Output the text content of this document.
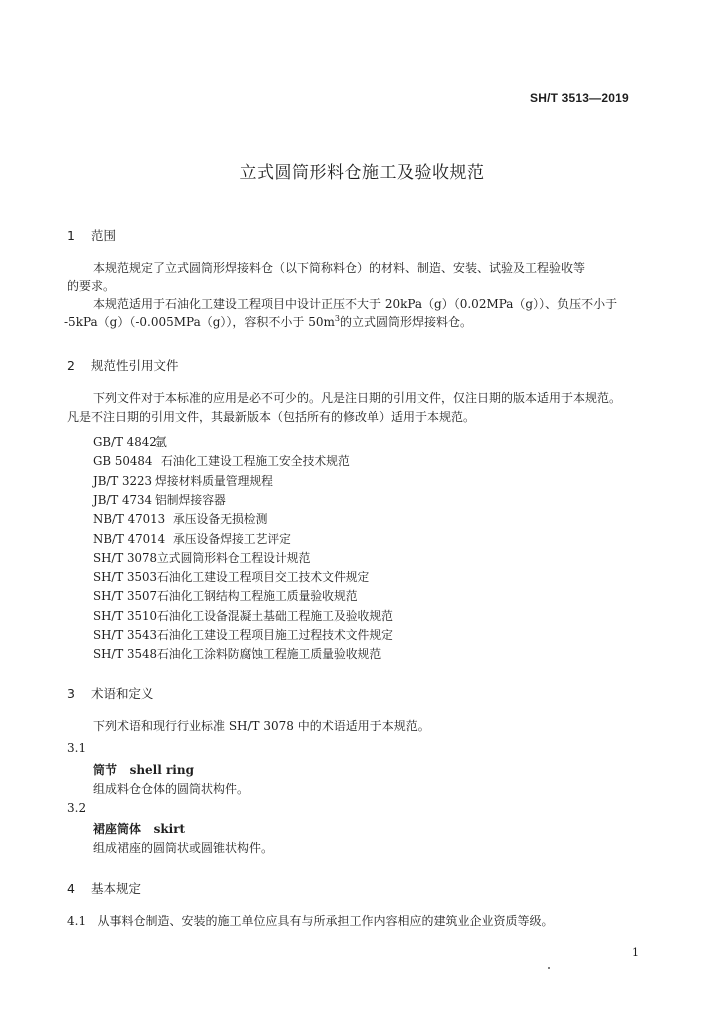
SH/T 3513—2019
立式圆筒形料仓施工及验收规范
1 范围
本规范规定了立式圆筒形焊接料仓（以下简称料仓）的材料、制造、安装、试验及工程验收等
的要求。
本规范适用于石油化工建设工程项目中设计正压不大于 20kPa（g）（0.02MPa（g））、负压不小于
-5kPa（g）（-0.005MPa（g）），容积不小于 $50m^3$的立式圆筒形焊接料仓。
2 规范性引用文件
下列文件对于本标准的应用是必不可少的。凡是注日期的引用文件，仅注日期的版本适用于本规范。
凡是不注日期的引用文件，其最新版本（包括所有的修改单）适用于本规范。
GB/T 4842氩
GB 50484 石油化工建设工程施工安全技术规范
JB/T 3223 焊接材料质量管理规程
JB/T 4734 铝制焊接容器
NB/T 47013 承压设备无损检测
NB/T 47014 承压设备焊接工艺评定
SH/T 3078立式圆筒形料仓工程设计规范
SH/T 3503石油化工建设工程项目交工技术文件规定
SH/T 3507石油化工钢结构工程施工质量验收规范
SH/T 3510石油化工设备混凝土基础工程施工及验收规范
SH/T 3543石油化工建设工程项目施工过程技术文件规定
SH/T 3548石油化工涂料防腐蚀工程施工质量验收规范
3 术语和定义
下列术语和现行行业标准 SH/T 3078 中的术语适用于本规范。
3.1
筒节 shell ring
组成料仓仓体的圆筒状构件。
3.2
裙座筒体 skirt
组成裙座的圆筒状或圆锥状构件。
4 基本规定
4.1 从事料仓制造、安装的施工单位应具有与所承担工作内容相应的建筑业企业资质等级。
1
